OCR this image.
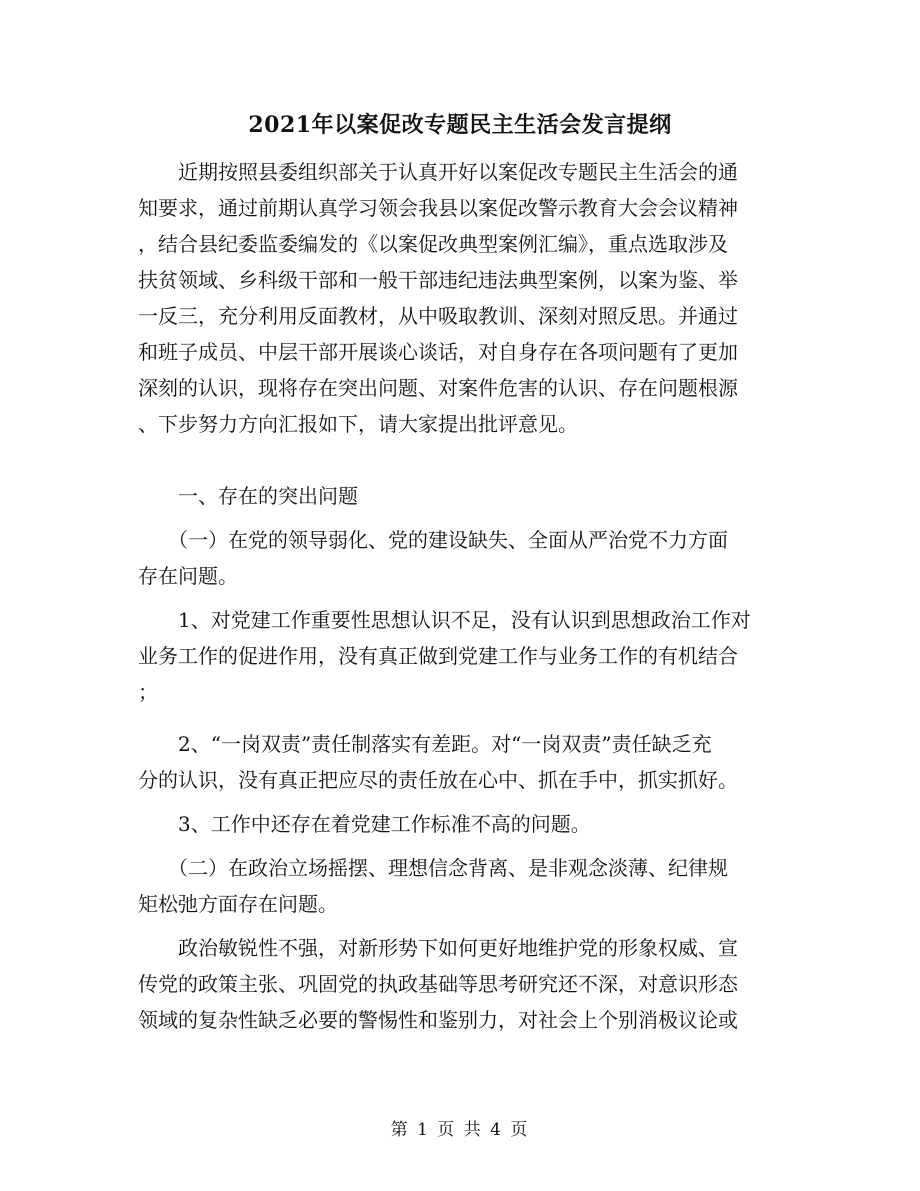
2021年以案促改专题民主生活会发言提纲
　　近期按照县委组织部关于认真开好以案促改专题民主生活会的通
知要求，通过前期认真学习领会我县以案促改警示教育大会会议精神
，结合县纪委监委编发的《以案促改典型案例汇编》，重点选取涉及
扶贫领域、乡科级干部和一般干部违纪违法典型案例，以案为鉴、举
一反三，充分利用反面教材，从中吸取教训、深刻对照反思。并通过
和班子成员、中层干部开展谈心谈话，对自身存在各项问题有了更加
深刻的认识，现将存在突出问题、对案件危害的认识、存在问题根源
、下步努力方向汇报如下，请大家提出批评意见。
　　一、存在的突出问题
　　（一）在党的领导弱化、党的建设缺失、全面从严治党不力方面
存在问题。
　　1、对党建工作重要性思想认识不足，没有认识到思想政治工作对
业务工作的促进作用，没有真正做到党建工作与业务工作的有机结合
；
　　2、“一岗双责”责任制落实有差距。对“一岗双责”责任缺乏充
分的认识，没有真正把应尽的责任放在心中、抓在手中，抓实抓好。
　　3、工作中还存在着党建工作标准不高的问题。
　　（二）在政治立场摇摆、理想信念背离、是非观念淡薄、纪律规
矩松弛方面存在问题。
　　政治敏锐性不强，对新形势下如何更好地维护党的形象权威、宣
传党的政策主张、巩固党的执政基础等思考研究还不深，对意识形态
领域的复杂性缺乏必要的警惕性和鉴别力，对社会上个别消极议论或
第 1 页 共 4 页
